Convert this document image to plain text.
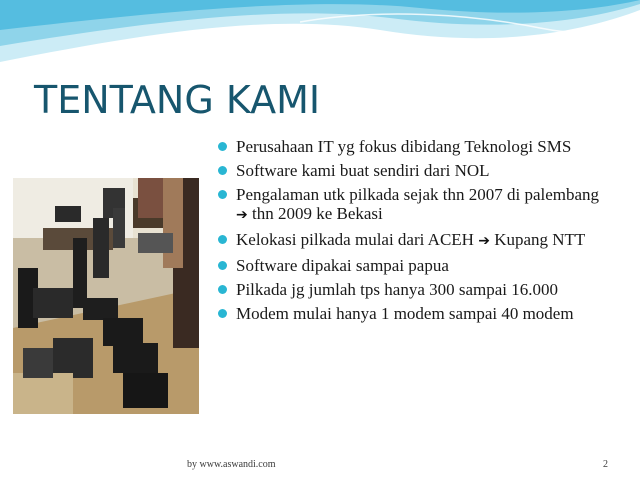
TENTANG KAMI
Perusahaan IT yg fokus dibidang Teknologi SMS
Software kami buat sendiri dari NOL
Pengalaman utk pilkada sejak thn 2007 di palembang
➔ thn 2009 ke Bekasi
Kelokasi pilkada mulai dari ACEH ➔ Kupang NTT
Software dipakai sampai papua
Pilkada jg jumlah tps hanya 300 sampai 16.000
Modem mulai hanya 1 modem sampai 40 modem
by www.aswandi.com	2
